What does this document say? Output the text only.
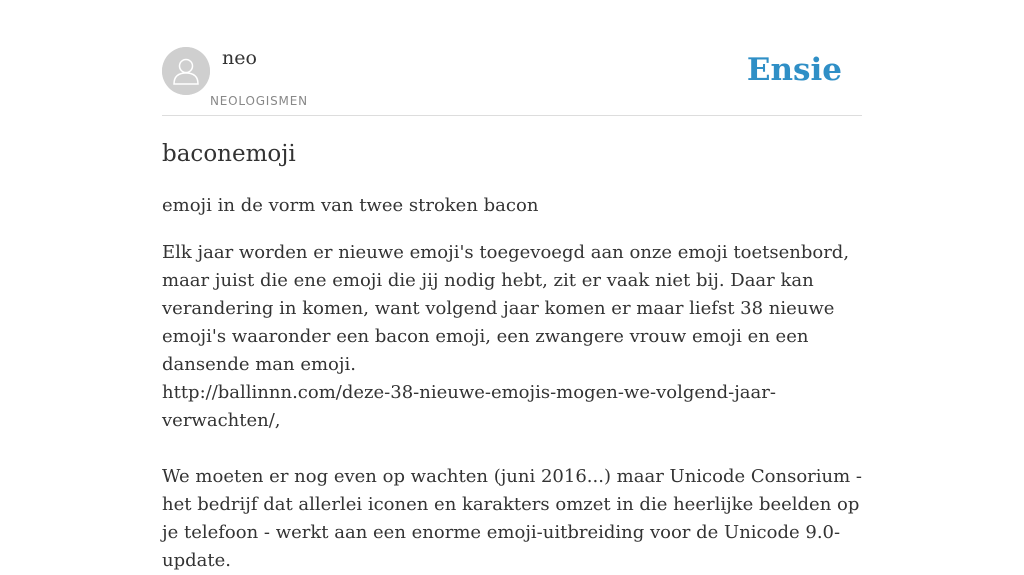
neo
NEOLOGISMEN
Ensie
baconemoji

emoji in de vorm van twee stroken bacon

Elk jaar worden er nieuwe emoji's toegevoegd aan onze emoji toetsenbord, maar juist die ene emoji die jij nodig hebt, zit er vaak niet bij. Daar kan verandering in komen, want volgend jaar komen er maar liefst 38 nieuwe emoji's waaronder een bacon emoji, een zwangere vrouw emoji en een dansende man emoji.
http://ballinnn.com/deze-38-nieuwe-emojis-mogen-we-volgend-jaar-verwachten/,

We moeten er nog even op wachten (juni 2016...) maar Unicode Consorium - het bedrijf dat allerlei iconen en karakters omzet in die heerlijke beelden op je telefoon - werkt aan een enorme emoji-uitbreiding voor de Unicode 9.0-update.
